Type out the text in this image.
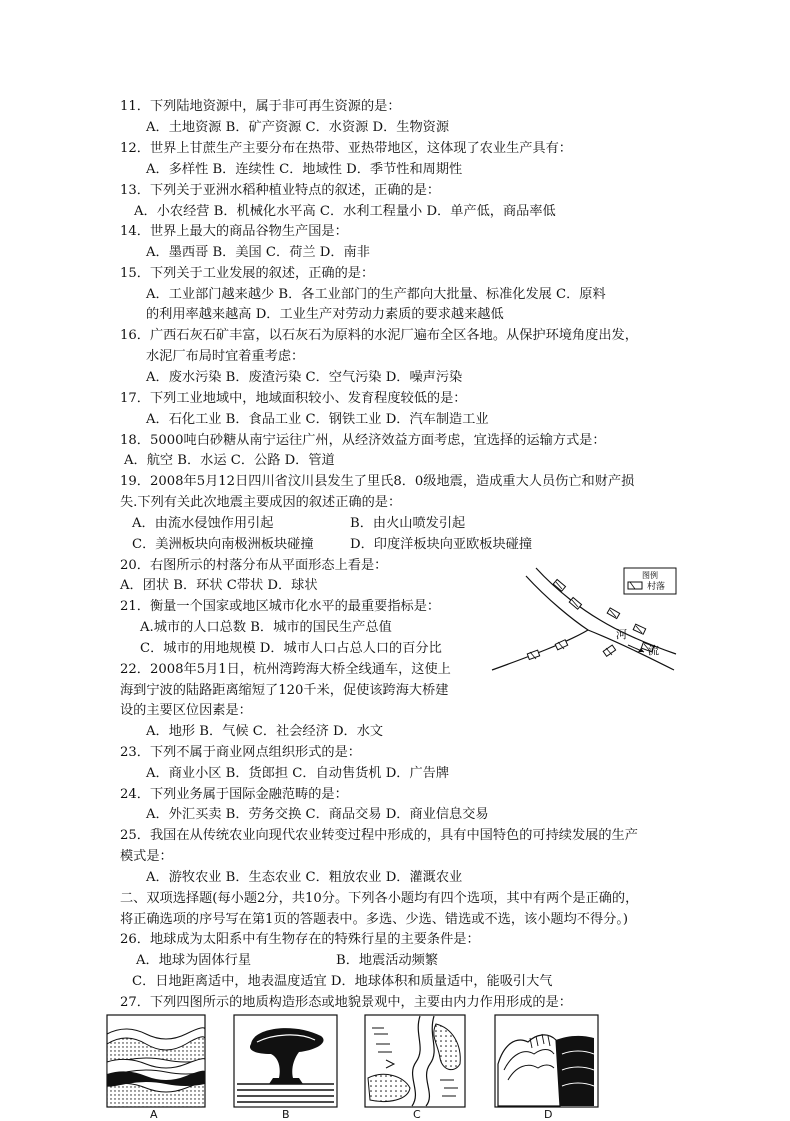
11．下列陆地资源中，属于非可再生资源的是：
A．土地资源 B．矿产资源 C．水资源 D．生物资源
12．世界上甘蔗生产主要分布在热带、亚热带地区，这体现了农业生产具有：
A．多样性 B．连续性 C．地域性 D．季节性和周期性
13．下列关于亚洲水稻种植业特点的叙述，正确的是：
A．小农经营 B．机械化水平高 C．水利工程量小 D．单产低，商品率低
14．世界上最大的商品谷物生产国是：
A．墨西哥 B．美国 C．荷兰 D．南非
15．下列关于工业发展的叙述，正确的是：
A．工业部门越来越少 B．各工业部门的生产都向大批量、标准化发展 C．原料
的利用率越来越高 D．工业生产对劳动力素质的要求越来越低
16．广西石灰石矿丰富，以石灰石为原料的水泥厂遍布全区各地。从保护环境角度出发，
水泥厂布局时宜着重考虑：
A．废水污染 B．废渣污染 C．空气污染 D．噪声污染
17．下列工业地域中，地域面积较小、发育程度较低的是：
A．石化工业 B．食品工业 C．钢铁工业 D．汽车制造工业
18．5000吨白砂糖从南宁运往广州，从经济效益方面考虑，宜选择的运输方式是：
A．航空 B．水运 C．公路 D．管道
19．2008年5月12日四川省汶川县发生了里氏8．0级地震，造成重大人员伤亡和财产损
失.下列有关此次地震主要成因的叙述正确的是：
A．由流水侵蚀作用引起	B．由火山喷发引起
C．美洲板块向南极洲板块碰撞	D．印度洋板块向亚欧板块碰撞
20．右图所示的村落分布从平面形态上看是：
A．团状 B．环状 C带状 D．球状
21．衡量一个国家或地区城市化水平的最重要指标是：
A.城市的人口总数 B．城市的国民生产总值
C．城市的用地规模 D．城市人口占总人口的百分比
22．2008年5月1日，杭州湾跨海大桥全线通车，这使上
海到宁波的陆路距离缩短了120千米，促使该跨海大桥建
设的主要区位因素是：
A．地形 B．气候 C．社会经济 D．水文
23．下列不属于商业网点组织形式的是：
A．商业小区 B．货郎担 C．自动售货机 D．广告牌
24．下列业务属于国际金融范畴的是：
A．外汇买卖 B．劳务交换 C．商品交易 D．商业信息交易
25．我国在从传统农业向现代农业转变过程中形成的，具有中国特色的可持续发展的生产
模式是：
A．游牧农业 B．生态农业 C．粗放农业 D．灌溉农业
二、双项选择题(每小题2分，共10分。下列各小题均有四个选项，其中有两个是正确的，
将正确选项的序号写在第1页的答题表中。多选、少选、错选或不选，该小题均不得分。)
26．地球成为太阳系中有生物存在的特殊行星的主要条件是：
A．地球为固体行星	B．地震活动频繁
C．日地距离适中，地表温度适宜 D．地球体积和质量适中，能吸引大气
27．下列四图所示的地质构造形态或地貌景观中，主要由内力作用形成的是：
图例
村落
河
流
A	B	C	D
